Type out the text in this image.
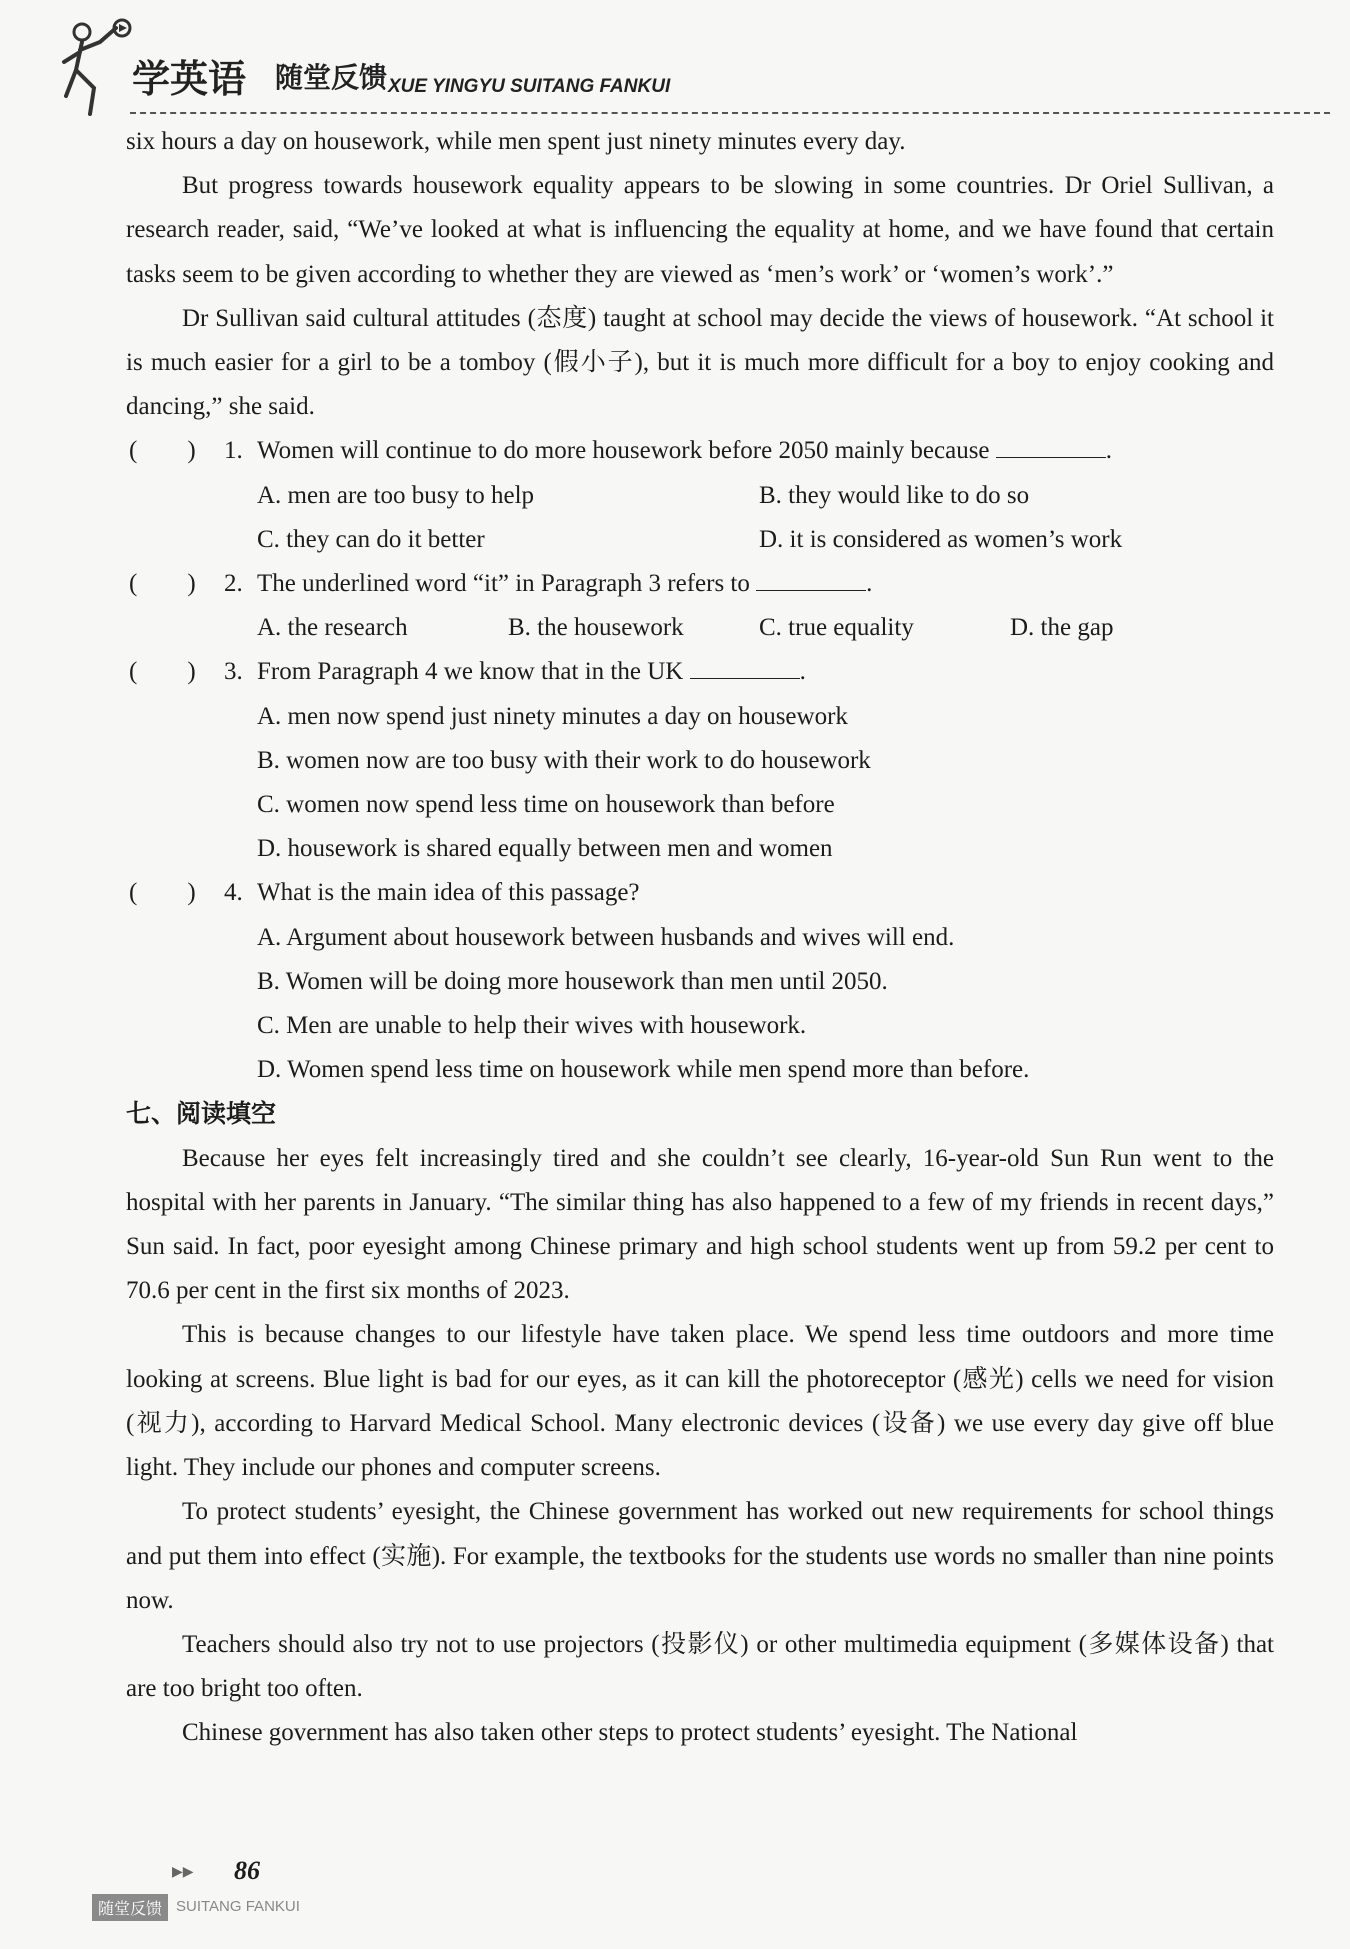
学英语 随堂反馈 XUE YINGYU SUITANG FANKUI

six hours a day on housework, while men spent just ninety minutes every day.

But progress towards housework equality appears to be slowing in some countries. Dr Oriel Sullivan, a research reader, said, “We’ve looked at what is influencing the equality at home, and we have found that certain tasks seem to be given according to whether they are viewed as ‘men’s work’ or ‘women’s work’.”

Dr Sullivan said cultural attitudes (态度) taught at school may decide the views of housework. “At school it is much easier for a girl to be a tomboy (假小子), but it is much more difficult for a boy to enjoy cooking and dancing,” she said.

(　　) 1. Women will continue to do more housework before 2050 mainly because	.
A. men are too busy to help	B. they would like to do so
C. they can do it better	D. it is considered as women’s work
(　　) 2. The underlined word “it” in Paragraph 3 refers to	.
A. the research	B. the housework	C. true equality	D. the gap
(　　) 3. From Paragraph 4 we know that in the UK	.
A. men now spend just ninety minutes a day on housework
B. women now are too busy with their work to do housework
C. women now spend less time on housework than before
D. housework is shared equally between men and women
(　　) 4. What is the main idea of this passage?
A. Argument about housework between husbands and wives will end.
B. Women will be doing more housework than men until 2050.
C. Men are unable to help their wives with housework.
D. Women spend less time on housework while men spend more than before.
七、阅读填空

Because her eyes felt increasingly tired and she couldn’t see clearly, 16-year-old Sun Run went to the hospital with her parents in January. “The similar thing has also happened to a few of my friends in recent days,” Sun said. In fact, poor eyesight among Chinese primary and high school students went up from 59.2 per cent to 70.6 per cent in the first six months of 2023.

This is because changes to our lifestyle have taken place. We spend less time outdoors and more time looking at screens. Blue light is bad for our eyes, as it can kill the photoreceptor (感光) cells we need for vision (视力), according to Harvard Medical School. Many electronic devices (设备) we use every day give off blue light. They include our phones and computer screens.

To protect students’ eyesight, the Chinese government has worked out new requirements for school things and put them into effect (实施). For example, the textbooks for the students use words no smaller than nine points now.

Teachers should also try not to use projectors (投影仪) or other multimedia equipment (多媒体设备) that are too bright too often.

Chinese government has also taken other steps to protect students’ eyesight. The National

▶▶ 86
随堂反馈 SUITANG FANKUI
